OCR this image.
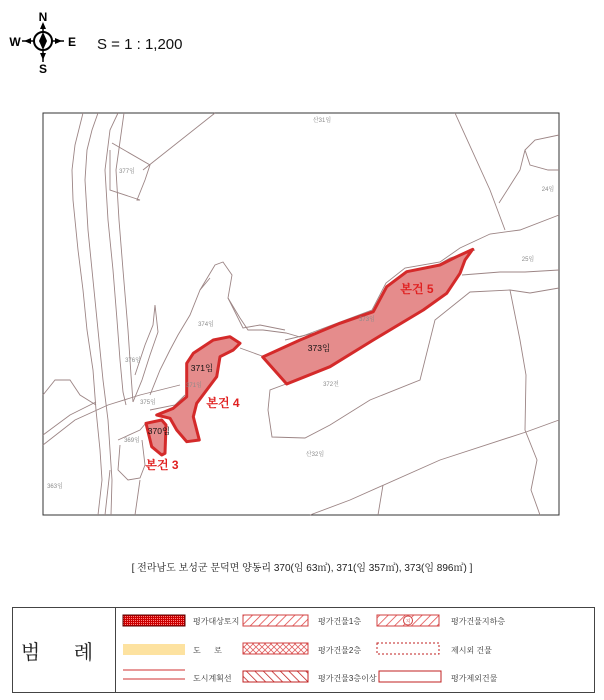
N
S
E
W	S = 1 : 1,200
산31임
377임
24임
25임
373임
374임
376임
371임	372전
375임
369임
산32임
363임
373임
371임
370임
본건 3
본건 4
본건 5
[ 전라남도 보성군 문덕면 양동리 370(임 63㎡), 371(임 357㎡), 373(임 896㎡) ]
범 례
지
평가대상토지	평가건물1층	평가건물지하층
도      로	평가건물2층	제시외 건물
도시계획선	평가건물3층이상	평가제외건물
